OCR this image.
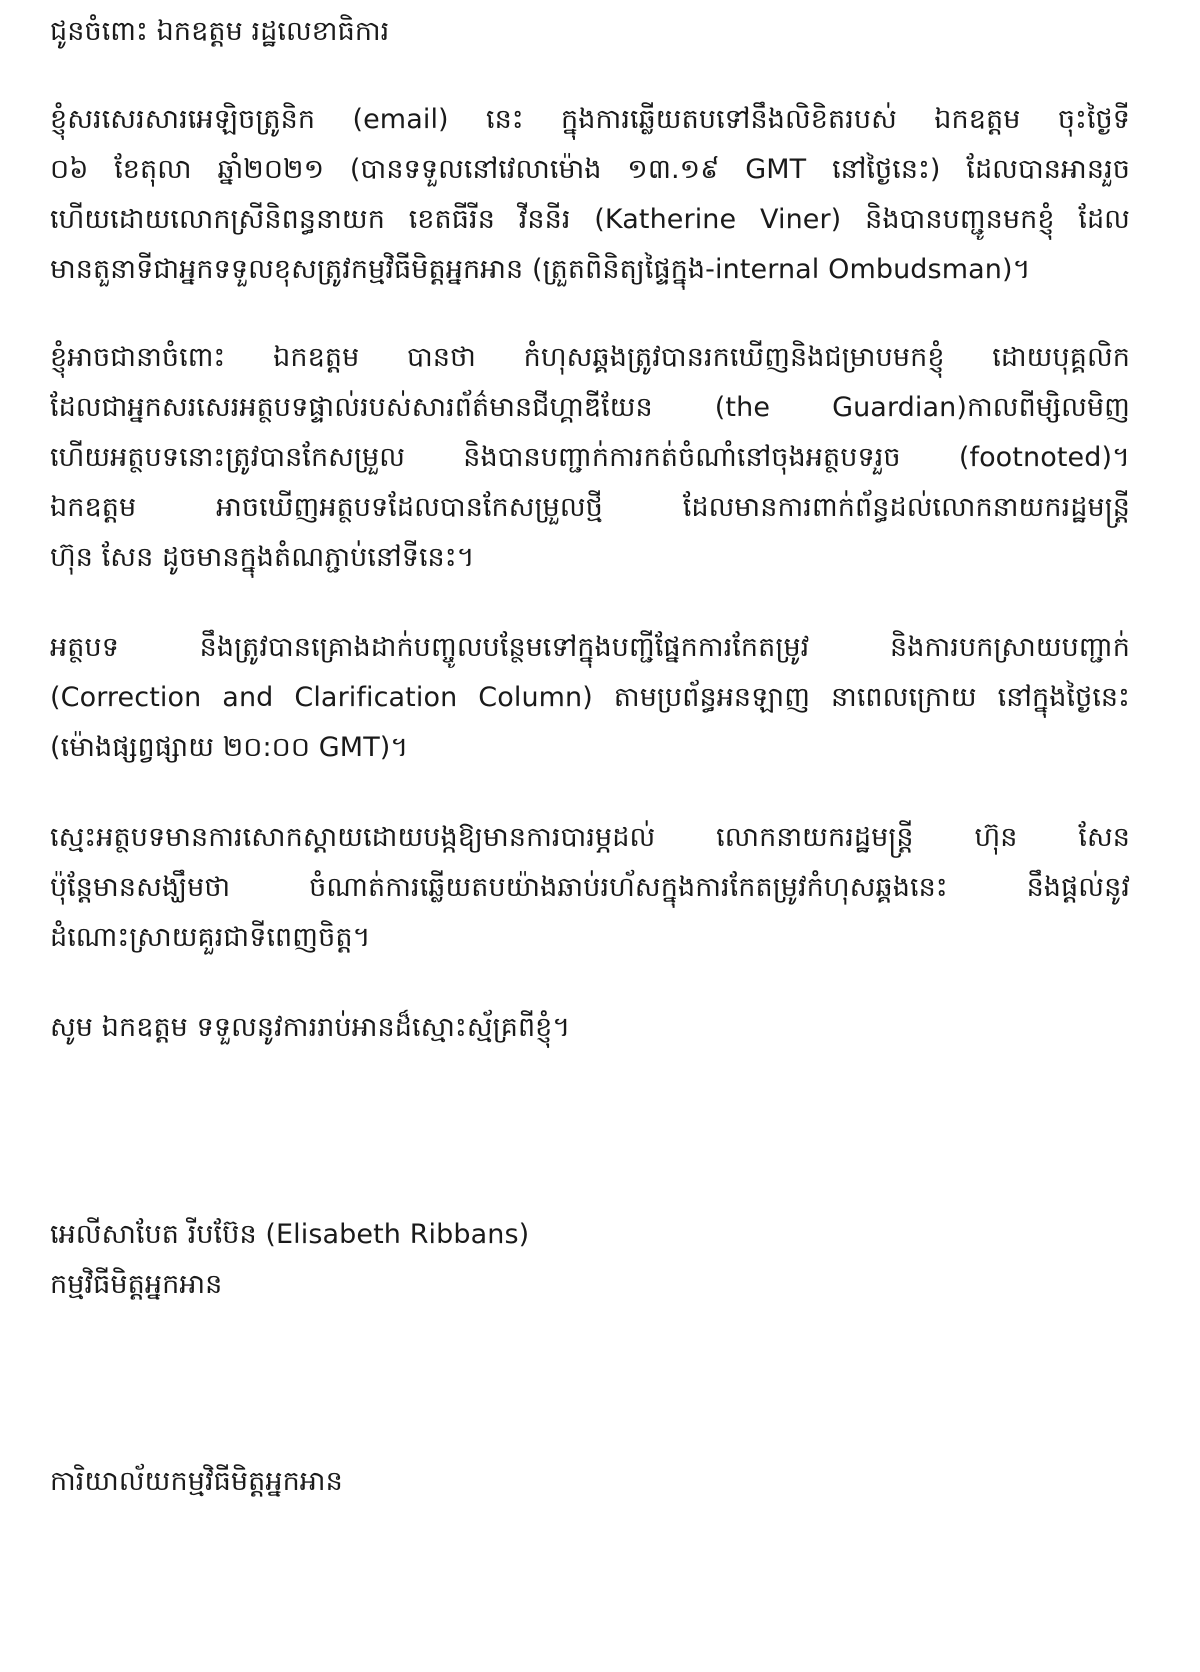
ជូនចំពោះ ឯកឧត្តម រដ្ឋលេខាធិការ
ខ្ញុំសរសេរសារអេឡិចត្រូនិក (email) នេះ ក្នុងការឆ្លើយតបទៅនឹងលិខិតរបស់ ឯកឧត្តម ចុះថ្ងៃទី
០៦ ខែតុលា ឆ្នាំ២០២១ (បានទទួលនៅវេលាម៉ោង ១៣.១៩ GMT នៅថ្ងៃនេះ) ដែលបានអានរួច
ហើយដោយលោកស្រីនិពន្ធនាយក ខេតធីរីន វីននីរ (Katherine Viner) និងបានបញ្ជូនមកខ្ញុំ ដែល
មានតួនាទីជាអ្នកទទួលខុសត្រូវកម្មវិធីមិត្តអ្នកអាន (ត្រួតពិនិត្យផ្ទៃក្នុង-internal Ombudsman)។
ខ្ញុំអាចជានាចំពោះ ឯកឧត្តម បានថា កំហុសឆ្គងត្រូវបានរកឃើញនិងជម្រាបមកខ្ញុំ ដោយបុគ្គលិក
ដែលជាអ្នកសរសេរអត្ថបទផ្ទាល់របស់សារព័ត៌មានជីហ្គាឌីយែន (the Guardian)កាលពីម្សិលមិញ
ហើយអត្ថបទនោះត្រូវបានកែសម្រួល និងបានបញ្ជាក់ការកត់ចំណាំនៅចុងអត្ថបទរួច (footnoted)។
ឯកឧត្តម អាចឃើញអត្ថបទដែលបានកែសម្រួលថ្មី ដែលមានការពាក់ព័ន្ធដល់លោកនាយករដ្ឋមន្ត្រី
ហ៊ុន សែន ដូចមានក្នុងតំណភ្ជាប់នៅទីនេះ។
អត្ថបទ នឹងត្រូវបានគ្រោងដាក់បញ្ចូលបន្ថែមទៅក្នុងបញ្ជីផ្នែកការកែតម្រូវ និងការបកស្រាយបញ្ជាក់
(Correction and Clarification Column) តាមប្រព័ន្ធអនឡាញ នាពេលក្រោយ នៅក្នុងថ្ងៃនេះ
(ម៉ោងផ្សព្វផ្សាយ ២០:០០ GMT)។
ស្មេះអត្ថបទមានការសោកស្តាយដោយបង្កឱ្យមានការបារម្ភដល់ លោកនាយករដ្ឋមន្ត្រី ហ៊ុន សែន
ប៉ុន្តែមានសង្ឃឹមថា ចំណាត់ការឆ្លើយតបយ៉ាងឆាប់រហ័សក្នុងការកែតម្រូវកំហុសឆ្គងនេះ នឹងផ្តល់នូវ
ដំណោះស្រាយគួរជាទីពេញចិត្ត។
សូម ឯកឧត្តម ទទួលនូវការរាប់អានដ៏ស្មោះស្ម័គ្រពីខ្ញុំ។
អេលីសាបែត រីបប៊ែន (Elisabeth Ribbans)
កម្មវិធីមិត្តអ្នកអាន
ការិយាល័យកម្មវិធីមិត្តអ្នកអាន
